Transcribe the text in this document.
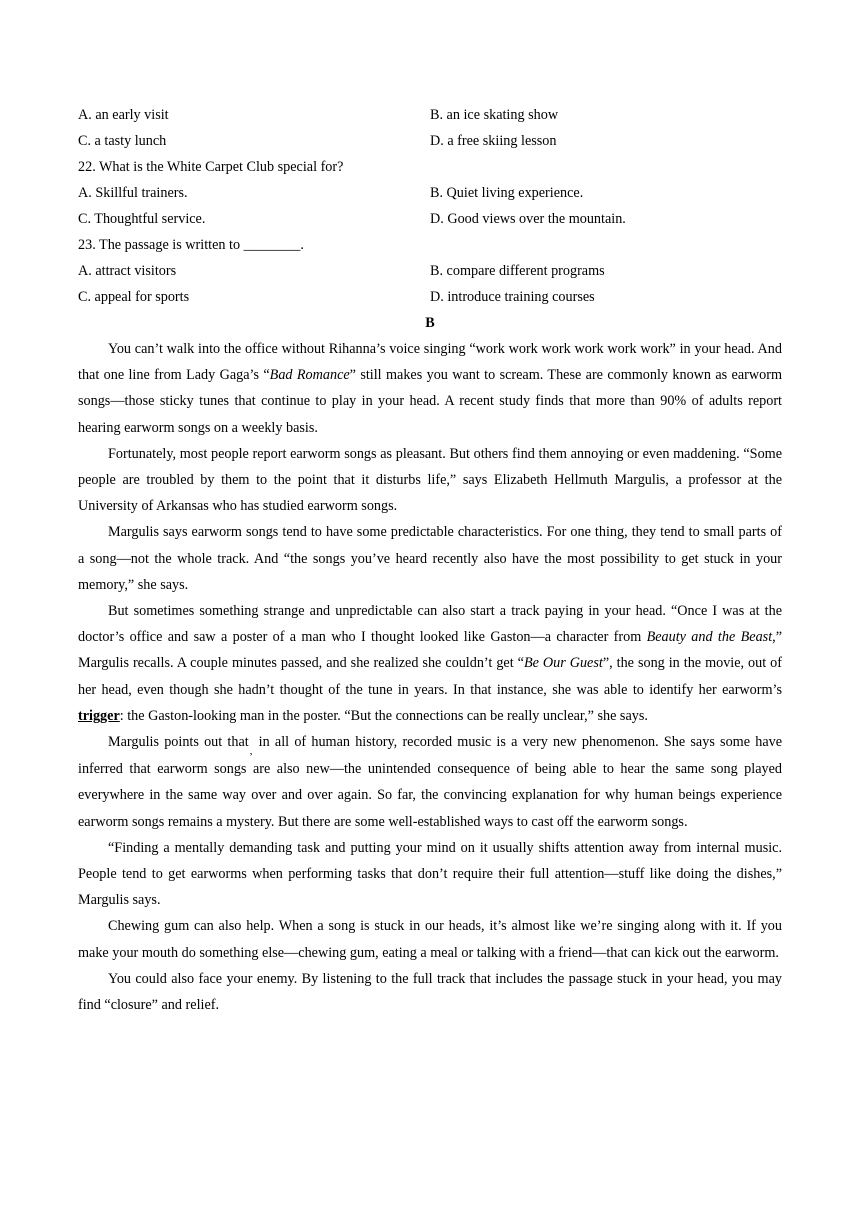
A. an early visit	B. an ice skating show
C. a tasty lunch	D. a free skiing lesson
22. What is the White Carpet Club special for?
A. Skillful trainers.	B. Quiet living experience.
C. Thoughtful service.	D. Good views over the mountain.
23. The passage is written to ________.
A. attract visitors	B. compare different programs
C. appeal for sports	D. introduce training courses
B

You can’t walk into the office without Rihanna’s voice singing “work work work work work work” in your head. And that one line from Lady Gaga’s “Bad Romance” still makes you want to scream. These are commonly known as earworm songs—those sticky tunes that continue to play in your head. A recent study finds that more than 90% of adults report hearing earworm songs on a weekly basis.

Fortunately, most people report earworm songs as pleasant. But others find them annoying or even maddening. “Some people are troubled by them to the point that it disturbs life,” says Elizabeth Hellmuth Margulis, a professor at the University of Arkansas who has studied earworm songs.

Margulis says earworm songs tend to have some predictable characteristics. For one thing, they tend to small parts of a song—not the whole track. And “the songs you’ve heard recently also have the most possibility to get stuck in your memory,” she says.

But sometimes something strange and unpredictable can also start a track paying in your head. “Once I was at the doctor’s office and saw a poster of a man who I thought looked like Gaston—a character from Beauty and the Beast,” Margulis recalls. A couple minutes passed, and she realized she couldn’t get “Be Our Guest”, the song in the movie, out of her head, even though she hadn’t thought of the tune in years. In that instance, she was able to identify her earworm’s trigger: the Gaston-looking man in the poster. “But the connections can be really unclear,” she says.

Margulis points out that$_,$ in all of human history, recorded music is a very new phenomenon. She says some have inferred that earworm songs are also new—the unintended consequence of being able to hear the same song played everywhere in the same way over and over again. So far, the convincing explanation for why human beings experience earworm songs remains a mystery. But there are some well-established ways to cast off the earworm songs.

“Finding a mentally demanding task and putting your mind on it usually shifts attention away from internal music. People tend to get earworms when performing tasks that don’t require their full attention—stuff like doing the dishes,” Margulis says.

Chewing gum can also help. When a song is stuck in our heads, it’s almost like we’re singing along with it. If you make your mouth do something else—chewing gum, eating a meal or talking with a friend—that can kick out the earworm.

You could also face your enemy. By listening to the full track that includes the passage stuck in your head, you may find “closure” and relief.
